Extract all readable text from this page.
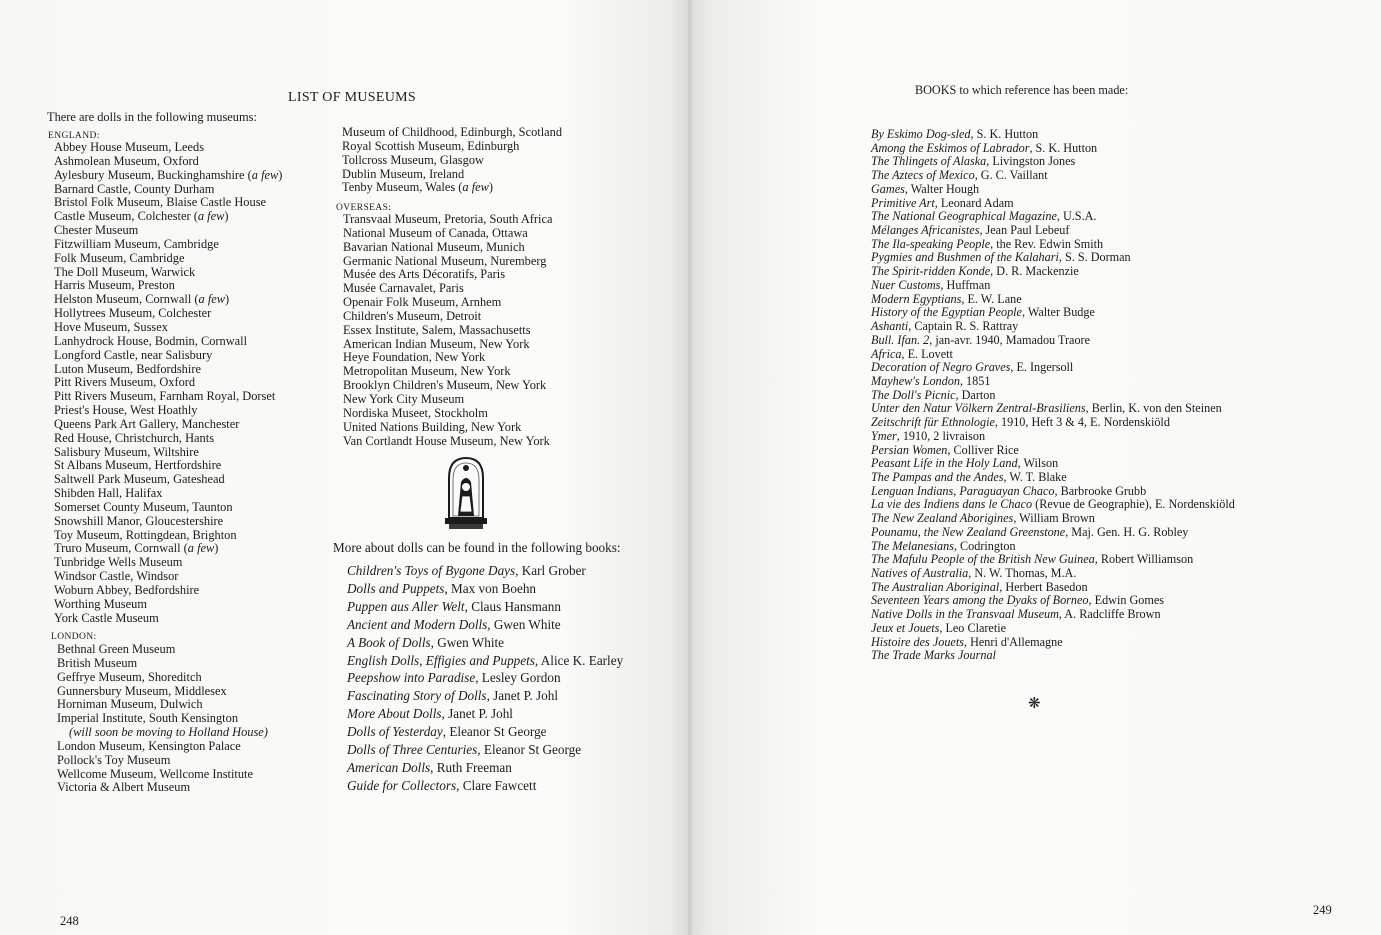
LIST OF MUSEUMS
There are dolls in the following museums:
ENGLAND:
Abbey House Museum, Leeds
Ashmolean Museum, Oxford
Aylesbury Museum, Buckinghamshire (a few)
Barnard Castle, County Durham
Bristol Folk Museum, Blaise Castle House
Castle Museum, Colchester (a few)
Chester Museum
Fitzwilliam Museum, Cambridge
Folk Museum, Cambridge
The Doll Museum, Warwick
Harris Museum, Preston
Helston Museum, Cornwall (a few)
Hollytrees Museum, Colchester
Hove Museum, Sussex
Lanhydrock House, Bodmin, Cornwall
Longford Castle, near Salisbury
Luton Museum, Bedfordshire
Pitt Rivers Museum, Oxford
Pitt Rivers Museum, Farnham Royal, Dorset
Priest's House, West Hoathly
Queens Park Art Gallery, Manchester
Red House, Christchurch, Hants
Salisbury Museum, Wiltshire
St Albans Museum, Hertfordshire
Saltwell Park Museum, Gateshead
Shibden Hall, Halifax
Somerset County Museum, Taunton
Snowshill Manor, Gloucestershire
Toy Museum, Rottingdean, Brighton
Truro Museum, Cornwall (a few)
Tunbridge Wells Museum
Windsor Castle, Windsor
Woburn Abbey, Bedfordshire
Worthing Museum
York Castle Museum
LONDON:
Bethnal Green Museum
British Museum
Geffrye Museum, Shoreditch
Gunnersbury Museum, Middlesex
Horniman Museum, Dulwich
Imperial Institute, South Kensington
(will soon be moving to Holland House)
London Museum, Kensington Palace
Pollock's Toy Museum
Wellcome Museum, Wellcome Institute
Victoria & Albert Museum
Museum of Childhood, Edinburgh, Scotland
Royal Scottish Museum, Edinburgh
Tollcross Museum, Glasgow
Dublin Museum, Ireland
Tenby Museum, Wales (a few)
OVERSEAS:
Transvaal Museum, Pretoria, South Africa
National Museum of Canada, Ottawa
Bavarian National Museum, Munich
Germanic National Museum, Nuremberg
Musée des Arts Décoratifs, Paris
Musée Carnavalet, Paris
Openair Folk Museum, Arnhem
Children's Museum, Detroit
Essex Institute, Salem, Massachusetts
American Indian Museum, New York
Heye Foundation, New York
Metropolitan Museum, New York
Brooklyn Children's Museum, New York
New York City Museum
Nordiska Museet, Stockholm
United Nations Building, New York
Van Cortlandt House Museum, New York
More about dolls can be found in the following books:
Children's Toys of Bygone Days, Karl Grober
Dolls and Puppets, Max von Boehn
Puppen aus Aller Welt, Claus Hansmann
Ancient and Modern Dolls, Gwen White
A Book of Dolls, Gwen White
English Dolls, Effigies and Puppets, Alice K. Earley
Peepshow into Paradise, Lesley Gordon
Fascinating Story of Dolls, Janet P. Johl
More About Dolls, Janet P. Johl
Dolls of Yesterday, Eleanor St George
Dolls of Three Centuries, Eleanor St George
American Dolls, Ruth Freeman
Guide for Collectors, Clare Fawcett
248
BOOKS to which reference has been made:
By Eskimo Dog-sled, S. K. Hutton
Among the Eskimos of Labrador, S. K. Hutton
The Thlingets of Alaska, Livingston Jones
The Aztecs of Mexico, G. C. Vaillant
Games, Walter Hough
Primitive Art, Leonard Adam
The National Geographical Magazine, U.S.A.
Mélanges Africanistes, Jean Paul Lebeuf
The Ila-speaking People, the Rev. Edwin Smith
Pygmies and Bushmen of the Kalahari, S. S. Dorman
The Spirit-ridden Konde, D. R. Mackenzie
Nuer Customs, Huffman
Modern Egyptians, E. W. Lane
History of the Egyptian People, Walter Budge
Ashanti, Captain R. S. Rattray
Bull. Ifan. 2, jan-avr. 1940, Mamadou Traore
Africa, E. Lovett
Decoration of Negro Graves, E. Ingersoll
Mayhew's London, 1851
The Doll's Picnic, Darton
Unter den Natur Völkern Zentral-Brasiliens, Berlin, K. von den Steinen
Zeitschrift für Ethnologie, 1910, Heft 3 & 4, E. Nordenskiöld
Ymer, 1910, 2 livraison
Persian Women, Colliver Rice
Peasant Life in the Holy Land, Wilson
The Pampas and the Andes, W. T. Blake
Lenguan Indians, Paraguayan Chaco, Barbrooke Grubb
La vie des Indiens dans le Chaco (Revue de Geographie), E. Nordenskiöld
The New Zealand Aborigines, William Brown
Pounamu, the New Zealand Greenstone, Maj. Gen. H. G. Robley
The Melanesians, Codrington
The Mafulu People of the British New Guinea, Robert Williamson
Natives of Australia, N. W. Thomas, M.A.
The Australian Aboriginal, Herbert Basedon
Seventeen Years among the Dyaks of Borneo, Edwin Gomes
Native Dolls in the Transvaal Museum, A. Radcliffe Brown
Jeux et Jouets, Leo Claretie
Histoire des Jouets, Henri d'Allemagne
The Trade Marks Journal
❋
249
